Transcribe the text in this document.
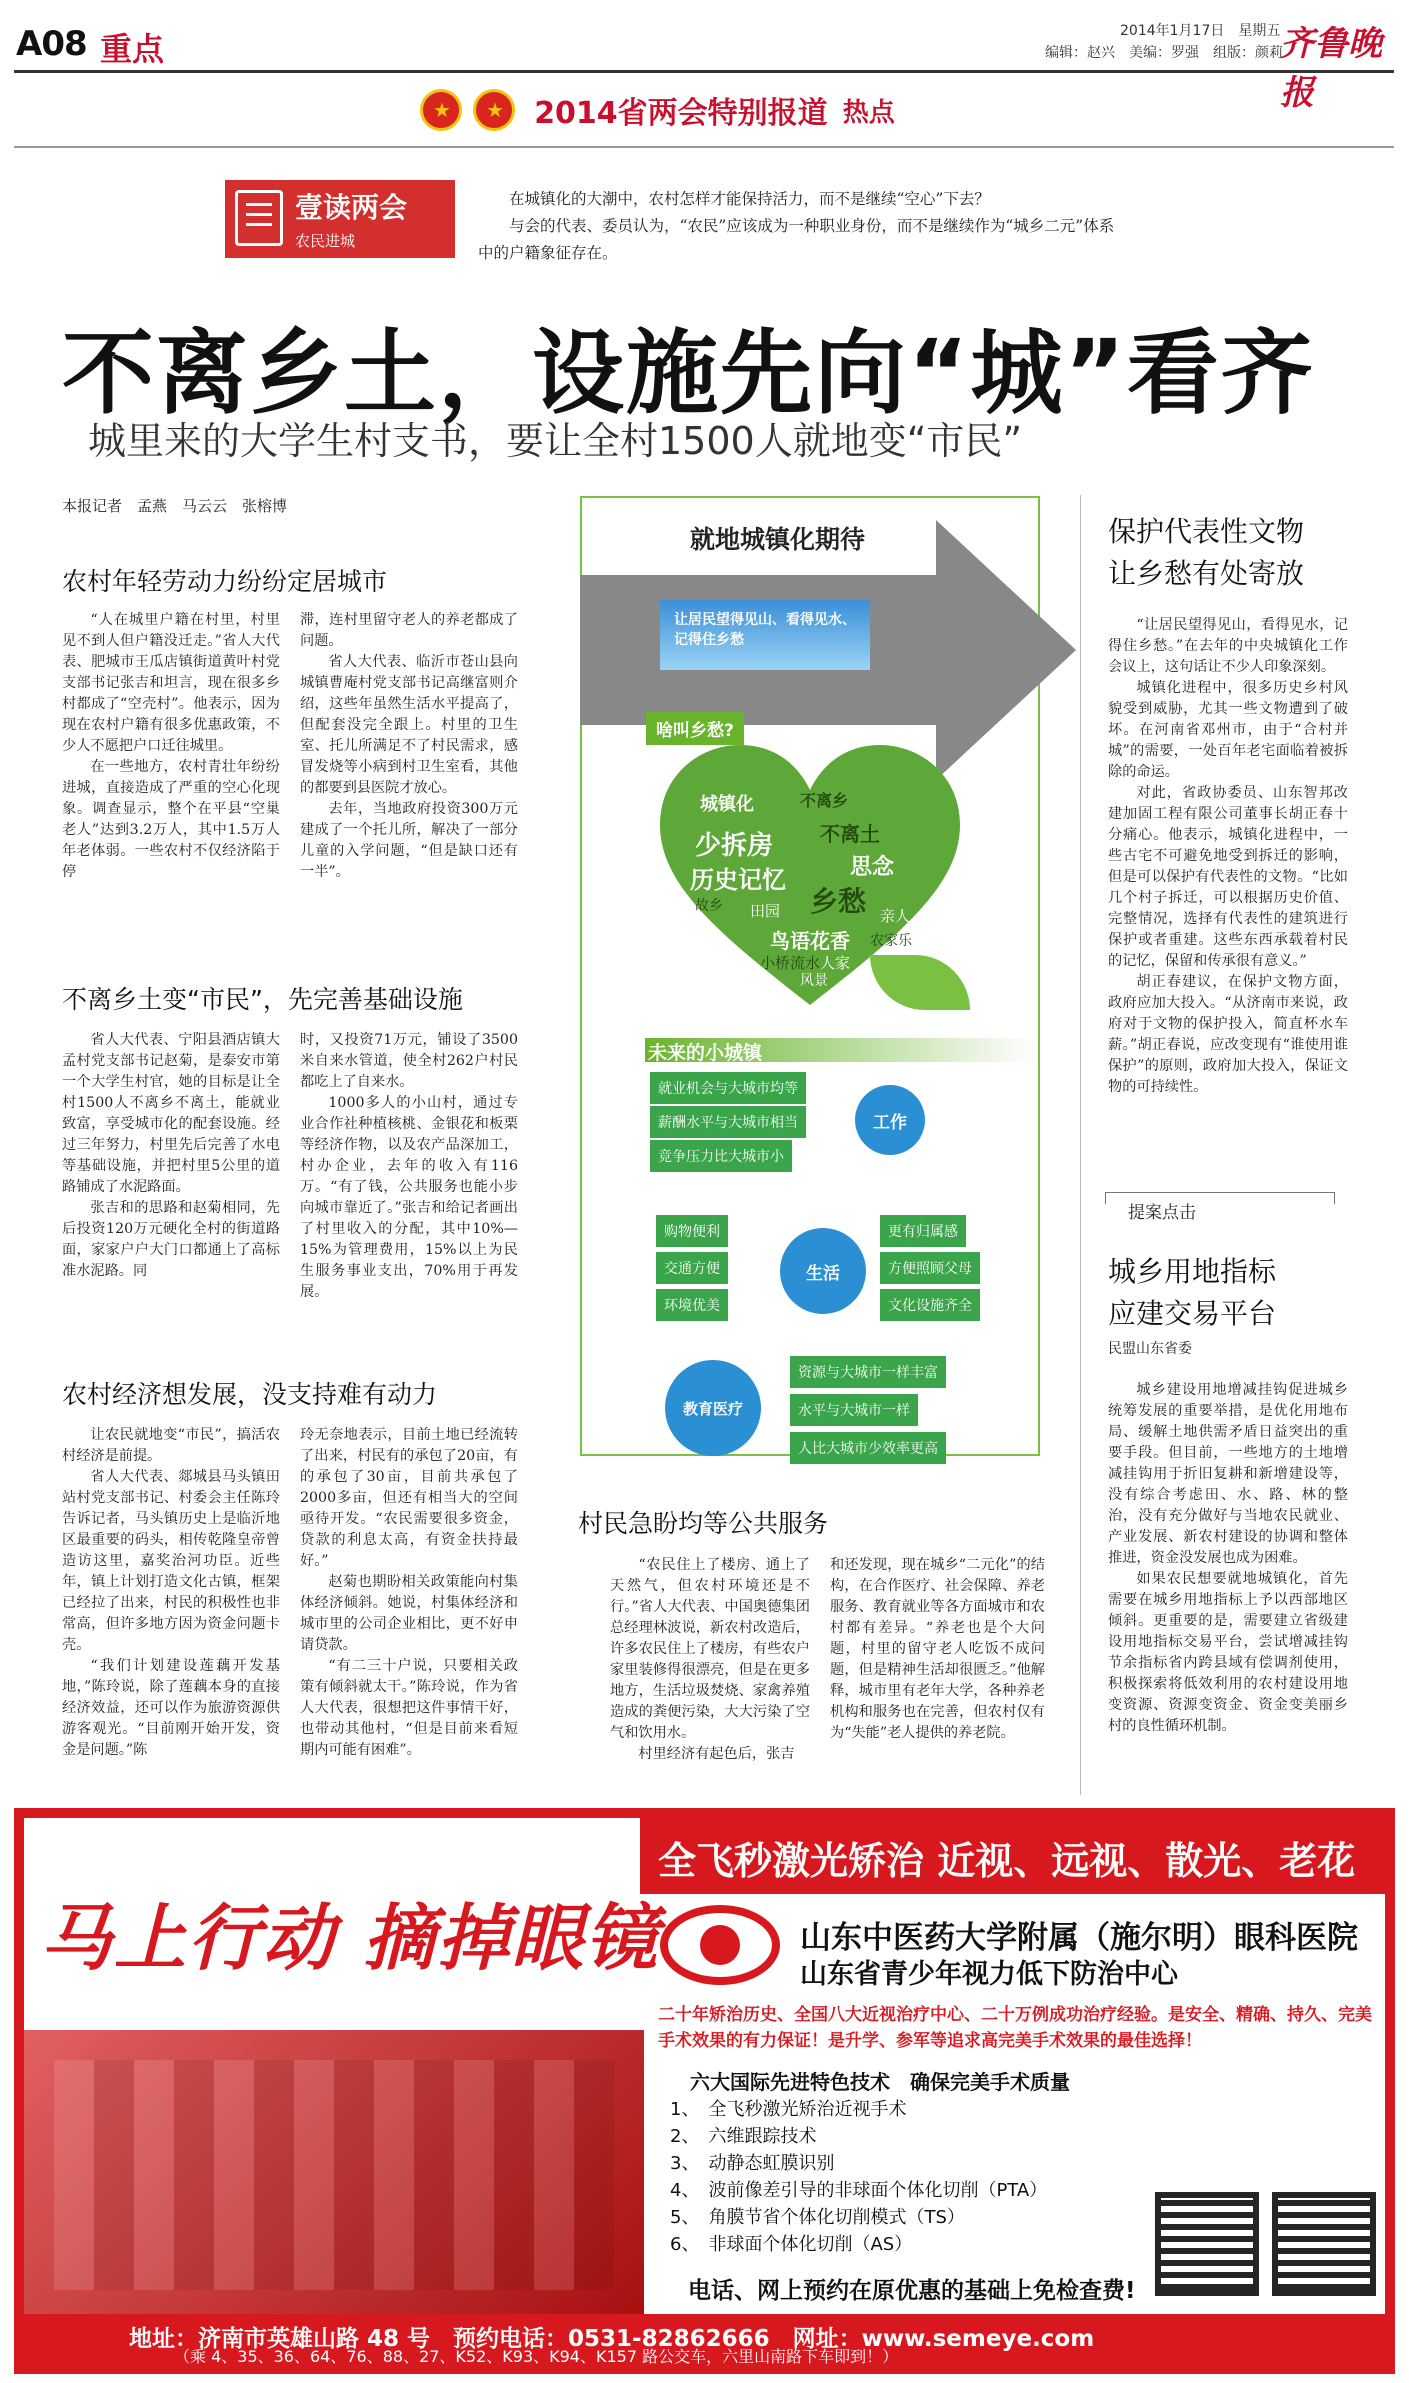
A08 重点	2014年1月17日　星期五
编辑：赵兴　美编：罗强　组版：颜莉
齐鲁晚报
★ ★ 2014省两会特别报道 热点
壹读两会
农民进城

在城镇化的大潮中，农村怎样才能保持活力，而不是继续“空心”下去？

与会的代表、委员认为，“农民”应该成为一种职业身份，而不是继续作为“城乡二元”体系中的户籍象征存在。

不离乡土，设施先向“城”看齐
城里来的大学生村支书，要让全村1500人就地变“市民”
本报记者　孟燕　马云云　张榕博
农村年轻劳动力纷纷定居城市

“人在城里户籍在村里，村里见不到人但户籍没迁走。”省人大代表、肥城市王瓜店镇街道黄叶村党支部书记张吉和坦言，现在很多乡村都成了“空壳村”。他表示，因为现在农村户籍有很多优惠政策，不少人不愿把户口迁往城里。

在一些地方，农村青壮年纷纷进城，直接造成了严重的空心化现象。调查显示，整个在平县“空巢老人”达到3.2万人，其中1.5万人年老体弱。一些农村不仅经济陷于停

滞，连村里留守老人的养老都成了问题。

省人大代表、临沂市苍山县向城镇曹庵村党支部书记高继富则介绍，这些年虽然生活水平提高了，但配套没完全跟上。村里的卫生室、托儿所满足不了村民需求，感冒发烧等小病到村卫生室看，其他的都要到县医院才放心。

去年，当地政府投资300万元建成了一个托儿所，解决了一部分儿童的入学问题，“但是缺口还有一半”。

不离乡土变“市民”，先完善基础设施

省人大代表、宁阳县酒店镇大孟村党支部书记赵菊，是泰安市第一个大学生村官，她的目标是让全村1500人不离乡不离土，能就业致富，享受城市化的配套设施。经过三年努力，村里先后完善了水电等基础设施，并把村里5公里的道路铺成了水泥路面。

张吉和的思路和赵菊相同，先后投资120万元硬化全村的街道路面，家家户户大门口都通上了高标准水泥路。同

时，又投资71万元，铺设了3500米自来水管道，使全村262户村民都吃上了自来水。

1000多人的小山村，通过专业合作社种植核桃、金银花和板栗等经济作物，以及农产品深加工，村办企业，去年的收入有116万。“有了钱，公共服务也能小步向城市靠近了。”张吉和给记者画出了村里收入的分配，其中10%—15%为管理费用，15%以上为民生服务事业支出，70%用于再发展。

农村经济想发展，没支持难有动力

让农民就地变“市民”，搞活农村经济是前提。

省人大代表、郯城县马头镇田站村党支部书记、村委会主任陈玲告诉记者，马头镇历史上是临沂地区最重要的码头，相传乾隆皇帝曾造访这里，嘉奖治河功臣。近些年，镇上计划打造文化古镇，框架已经拉了出来，村民的积极性也非常高，但许多地方因为资金问题卡壳。

“我们计划建设莲藕开发基地，”陈玲说，除了莲藕本身的直接经济效益，还可以作为旅游资源供游客观光。“目前刚开始开发，资金是问题。”陈

玲无奈地表示，目前土地已经流转了出来，村民有的承包了20亩，有的承包了30亩，目前共承包了2000多亩，但还有相当大的空间亟待开发。“农民需要很多资金，贷款的利息太高，有资金扶持最好。”

赵菊也期盼相关政策能向村集体经济倾斜。她说，村集体经济和城市里的公司企业相比，更不好申请贷款。

“有二三十户说，只要相关政策有倾斜就太干。”陈玲说，作为省人大代表，很想把这件事情干好，也带动其他村，“但是目前来看短期内可能有困难”。

就地城镇化期待
让居民望得见山、看得见水、记得住乡愁
啥叫乡愁?
城镇化	不离乡
少拆房
历史记忆
不离土
思念
乡愁
田园	亲人
鸟语花香
小桥流水 人家
故乡
农家乐
风景
未来的小城镇
就业机会与大城市均等
薪酬水平与大城市相当
竞争压力比大城市小
工作
购物便利
交通方便
环境优美
生活
更有归属感
方便照顾父母
文化设施齐全
教育医疗
资源与大城市一样丰富
水平与大城市一样
人比大城市少效率更高
村民急盼均等公共服务

“农民住上了楼房、通上了天然气，但农村环境还是不行。”省人大代表、中国奥德集团总经理林波说，新农村改造后，许多农民住上了楼房，有些农户家里装修得很漂亮，但是在更多地方，生活垃圾焚烧、家禽养殖造成的粪便污染，大大污染了空气和饮用水。

村里经济有起色后，张吉

和还发现，现在城乡“二元化”的结构，在合作医疗、社会保障、养老服务、教育就业等各方面城市和农村都有差异。“养老也是个大问题，村里的留守老人吃饭不成问题，但是精神生活却很匮乏。”他解释，城市里有老年大学，各种养老机构和服务也在完善，但农村仅有为“失能”老人提供的养老院。

保护代表性文物
让乡愁有处寄放

“让居民望得见山，看得见水，记得住乡愁。”在去年的中央城镇化工作会议上，这句话让不少人印象深刻。

城镇化进程中，很多历史乡村风貌受到威胁，尤其一些文物遭到了破坏。在河南省邓州市，由于“合村并城”的需要，一处百年老宅面临着被拆除的命运。

对此，省政协委员、山东智邦改建加固工程有限公司董事长胡正春十分痛心。他表示，城镇化进程中，一些古宅不可避免地受到拆迁的影响，但是可以保护有代表性的文物。“比如几个村子拆迁，可以根据历史价值、完整情况，选择有代表性的建筑进行保护或者重建。这些东西承载着村民的记忆，保留和传承很有意义。”

胡正春建议，在保护文物方面，政府应加大投入。“从济南市来说，政府对于文物的保护投入，简直杯水车薪。”胡正春说，应改变现有“谁使用谁保护”的原则，政府加大投入，保证文物的可持续性。

提案点击
城乡用地指标
应建交易平台
民盟山东省委

城乡建设用地增减挂钩促进城乡统筹发展的重要举措，是优化用地布局、缓解土地供需矛盾日益突出的重要手段。但目前，一些地方的土地增减挂钩用于折旧复耕和新增建设等，没有综合考虑田、水、路、林的整治，没有充分做好与当地农民就业、产业发展、新农村建设的协调和整体推进，资金没发展也成为困难。

如果农民想要就地城镇化，首先需要在城乡用地指标上予以西部地区倾斜。更重要的是，需要建立省级建设用地指标交易平台，尝试增减挂钩节余指标省内跨县域有偿调剂使用，积极探索将低效利用的农村建设用地变资源、资源变资金、资金变美丽乡村的良性循环机制。

马上行动 摘掉眼镜
全飞秒激光矫治 近视、远视、散光、老花
山东中医药大学附属（施尔明）眼科医院
山东省青少年视力低下防治中心
二十年矫治历史、全国八大近视治疗中心、二十万例成功治疗经验。是安全、精确、持久、完美手术效果的有力保证！是升学、参军等追求高完美手术效果的最佳选择！
六大国际先进特色技术　确保完美手术质量
1、　全飞秒激光矫治近视手术
2、　六维跟踪技术
3、　动静态虹膜识别
4、　波前像差引导的非球面个体化切削（PTA）
5、　角膜节省个体化切削模式（TS）
6、　非球面个体化切削（AS）
电话、网上预约在原优惠的基础上免检查费!
地址：济南市英雄山路 48 号　预约电话：0531-82862666　网址：www.semeye.com
（乘 4、35、36、64、76、88、27、K52、K93、K94、K157 路公交车，六里山南路下车即到！）
